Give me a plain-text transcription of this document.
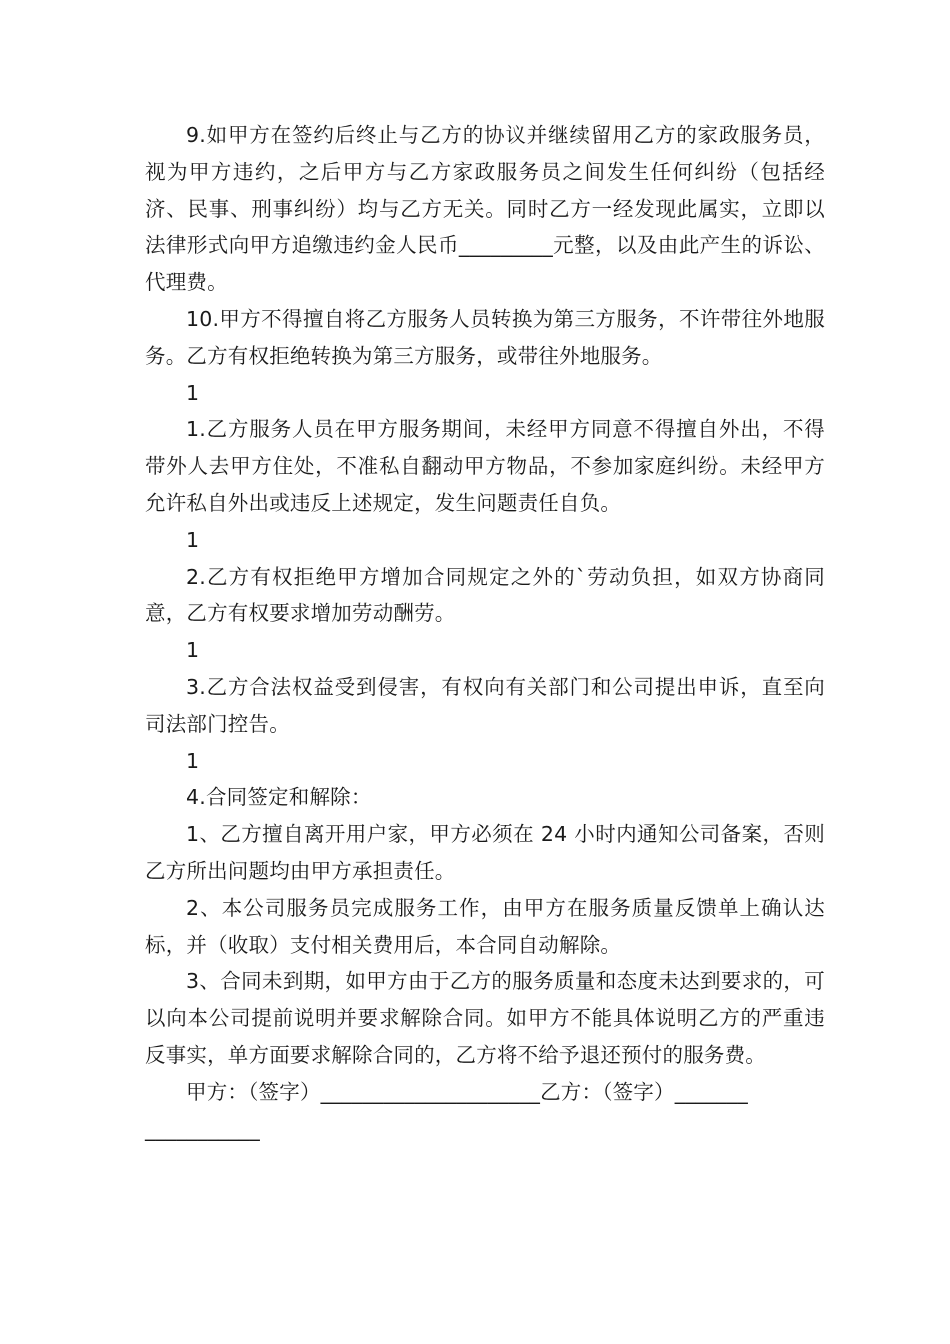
9.如甲方在签约后终止与乙方的协议并继续留用乙方的家政服务员，视为甲方违约，之后甲方与乙方家政服务员之间发生任何纠纷（包括经济、民事、刑事纠纷）均与乙方无关。同时乙方一经发现此属实，立即以法律形式向甲方追缴违约金人民币_________元整，以及由此产生的诉讼、代理费。

10.甲方不得擅自将乙方服务人员转换为第三方服务，不许带往外地服务。乙方有权拒绝转换为第三方服务，或带往外地服务。

1

1.乙方服务人员在甲方服务期间，未经甲方同意不得擅自外出，不得带外人去甲方住处，不准私自翻动甲方物品，不参加家庭纠纷。未经甲方允许私自外出或违反上述规定，发生问题责任自负。

1

2.乙方有权拒绝甲方增加合同规定之外的`劳动负担，如双方协商同意，乙方有权要求增加劳动酬劳。

1

3.乙方合法权益受到侵害，有权向有关部门和公司提出申诉，直至向司法部门控告。

1

4.合同签定和解除：

1、乙方擅自离开用户家，甲方必须在 24 小时内通知公司备案，否则乙方所出问题均由甲方承担责任。

2、本公司服务员完成服务工作，由甲方在服务质量反馈单上确认达标，并（收取）支付相关费用后，本合同自动解除。

3、合同未到期，如甲方由于乙方的服务质量和态度未达到要求的，可以向本公司提前说明并要求解除合同。如甲方不能具体说明乙方的严重违反事实，单方面要求解除合同的，乙方将不给予退还预付的服务费。

甲方：（签字）_____________________乙方：（签字）_______
___________
